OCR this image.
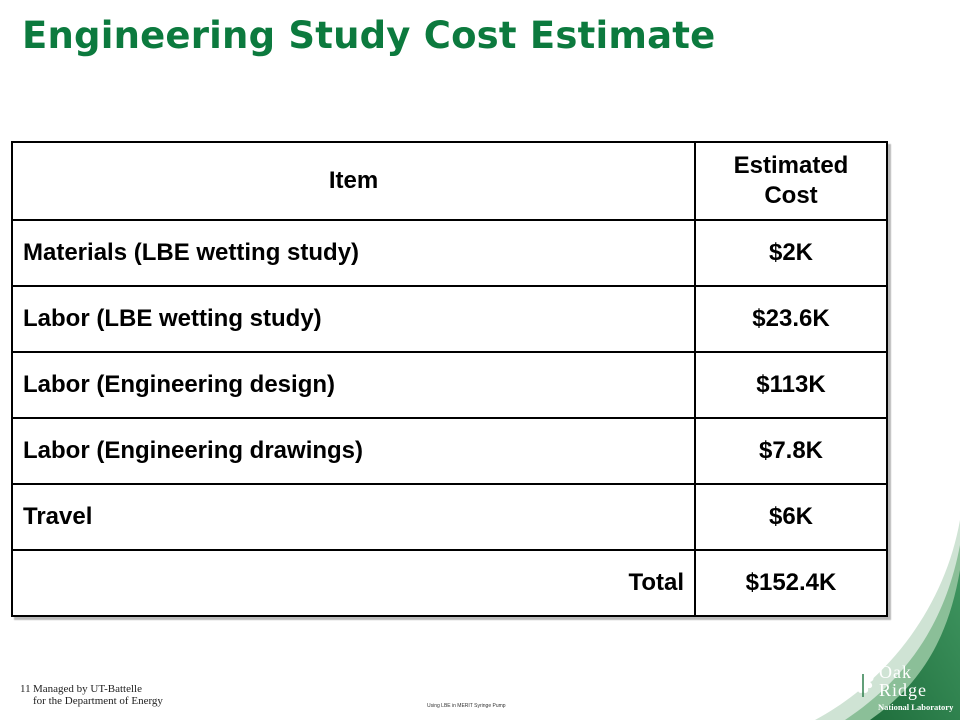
Engineering Study Cost Estimate
Item	Estimated Cost
Materials (LBE wetting study)	$2K
Labor (LBE wetting study)	$23.6K
Labor (Engineering design)	$113K
Labor (Engineering drawings)	$7.8K
Travel	$6K
Total	$152.4K
11 Managed by UT-Battelle
for the Department of Energy	Using LBE in MERIT Syringe Pump
Oak
Ridge
National Laboratory
